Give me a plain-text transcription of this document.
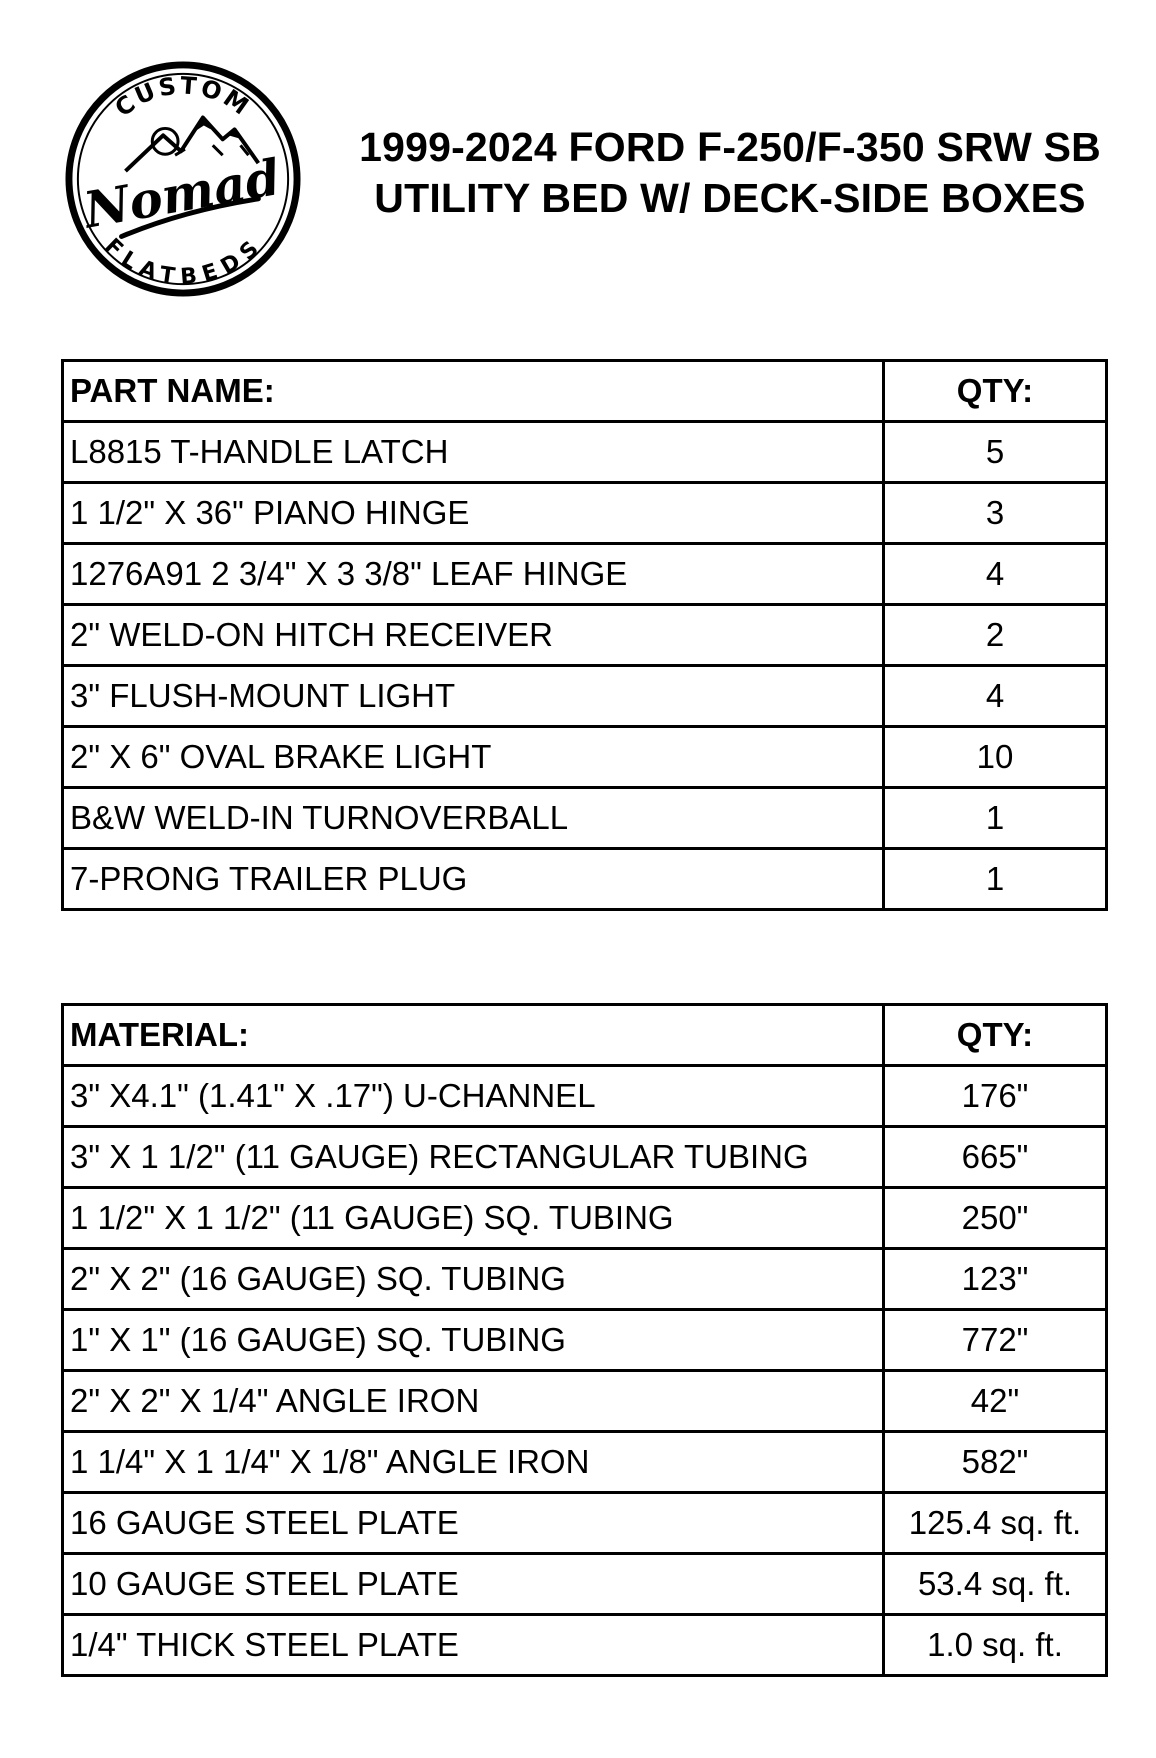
CUSTOM
FLATBEDS
Nomad
1999-2024 FORD F-250/F-350 SRW SB
UTILITY BED W/ DECK-SIDE BOXES
PART NAME:	QTY:
L8815 T-HANDLE LATCH	5
1 1/2" X 36" PIANO HINGE	3
1276A91 2 3/4" X 3 3/8" LEAF HINGE	4
2" WELD-ON HITCH RECEIVER	2
3" FLUSH-MOUNT LIGHT	4
2" X 6" OVAL BRAKE LIGHT	10
B&W WELD-IN TURNOVERBALL	1
7-PRONG TRAILER PLUG	1
MATERIAL:	QTY:
3" X4.1" (1.41" X .17") U-CHANNEL	176"
3" X 1 1/2" (11 GAUGE) RECTANGULAR TUBING	665"
1 1/2" X 1 1/2" (11 GAUGE) SQ. TUBING	250"
2" X 2" (16 GAUGE) SQ. TUBING	123"
1" X 1" (16 GAUGE) SQ. TUBING	772"
2" X 2" X 1/4" ANGLE IRON	42"
1 1/4" X 1 1/4" X 1/8" ANGLE IRON	582"
16 GAUGE STEEL PLATE	125.4 sq. ft.
10 GAUGE STEEL PLATE	53.4 sq. ft.
1/4" THICK STEEL PLATE	1.0 sq. ft.
